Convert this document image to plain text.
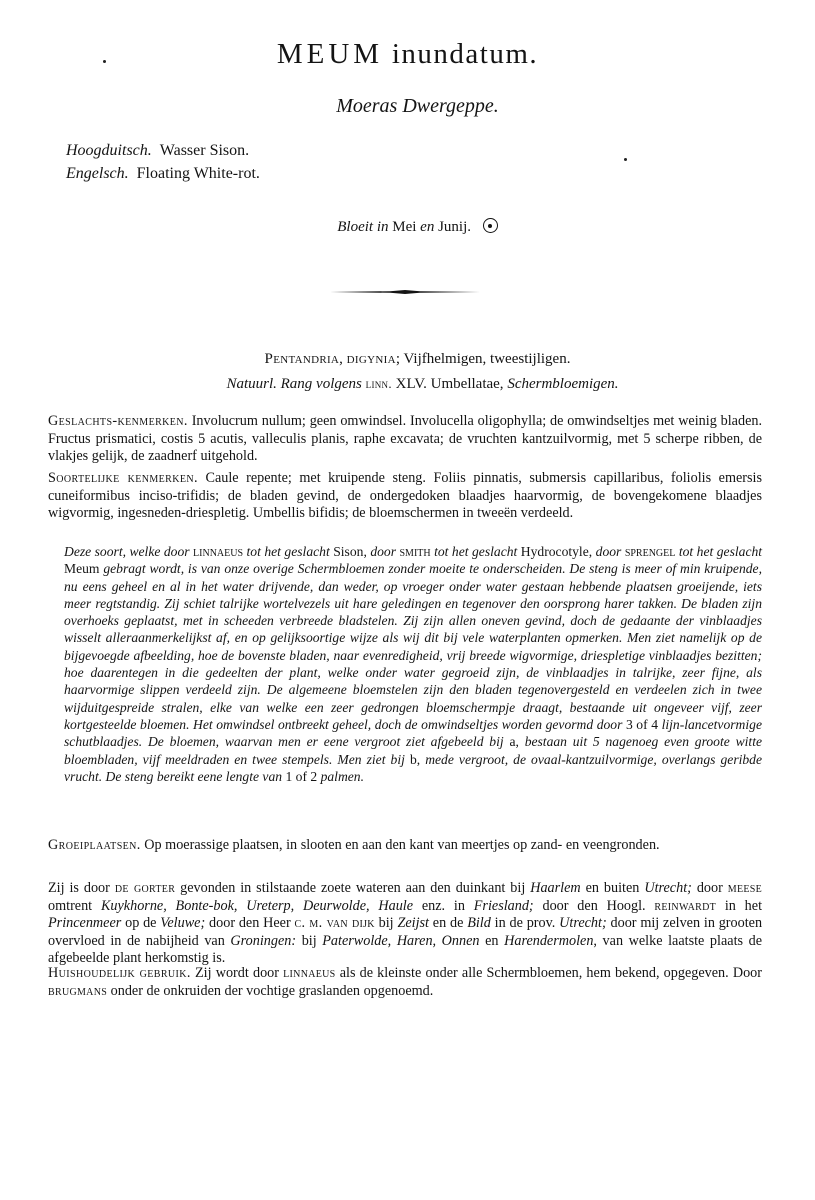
MEUM inundatum.
Moeras Dwergeppe.
Hoogduitsch. Wasser Sison.
Engelsch. Floating White-rot.
Bloeit in Mei en Junij.
Pentandria, digynia; Vijfhelmigen, tweestijligen.
Natuurl. Rang volgens linn. XLV. Umbellatae, Schermbloemigen.
Geslachts-kenmerken. Involucrum nullum; geen omwindsel. Involucella oligophylla; de omwindseltjes met weinig bladen. Fructus prismatici, costis 5 acutis, valleculis planis, raphe excavata; de vruchten kantzuilvormig, met 5 scherpe ribben, de vlakjes gelijk, de zaadnerf uitgehold.
Soortelijke kenmerken. Caule repente; met kruipende steng. Foliis pinnatis, submersis capillaribus, foliolis emersis cuneiformibus inciso-trifidis; de bladen gevind, de ondergedoken blaadjes haarvormig, de bovengekomene blaadjes wigvormig, ingesneden-driespletig. Umbellis bifidis; de bloemschermen in tweeën verdeeld.
Deze soort, welke door linnaeus tot het geslacht Sison, door smith tot het geslacht Hydrocotyle, door sprengel tot het geslacht Meum gebragt wordt, is van onze overige Schermbloemen zonder moeite te onderscheiden. De steng is meer of min kruipende, nu eens geheel en al in het water drijvende, dan weder, op vroeger onder water gestaan hebbende plaatsen groeijende, iets meer regtstandig. Zij schiet talrijke wortelvezels uit hare geledingen en tegenover den oorsprong harer takken. De bladen zijn overhoeks geplaatst, met in scheeden verbreede bladstelen. Zij zijn allen oneven gevind, doch de gedaante der vinblaadjes wisselt alleraanmerkelijkst af, en op gelijksoortige wijze als wij dit bij vele waterplanten opmerken. Men ziet namelijk op de bijgevoegde afbeelding, hoe de bovenste bladen, naar evenredigheid, vrij breede wigvormige, driespletige vinblaadjes bezitten; hoe daarentegen in die gedeelten der plant, welke onder water gegroeid zijn, de vinblaadjes in talrijke, zeer fijne, als haarvormige slippen verdeeld zijn. De algemeene bloemstelen zijn den bladen tegenovergesteld en verdeelen zich in twee wijduitgespreide stralen, elke van welke een zeer gedrongen bloemschermpje draagt, bestaande uit ongeveer vijf, zeer kortgesteelde bloemen. Het omwindsel ontbreekt geheel, doch de omwindseltjes worden gevormd door 3 of 4 lijn-lancetvormige schutblaadjes. De bloemen, waarvan men er eene vergroot ziet afgebeeld bij a, bestaan uit 5 nagenoeg even groote witte bloembladen, vijf meeldraden en twee stempels. Men ziet bij b, mede vergroot, de ovaal-kantzuilvormige, overlangs geribde vrucht. De steng bereikt eene lengte van 1 of 2 palmen.
Groeiplaatsen. Op moerassige plaatsen, in slooten en aan den kant van meertjes op zand- en veengronden.
Zij is door de gorter gevonden in stilstaande zoete wateren aan den duinkant bij Haarlem en buiten Utrecht; door meese omtrent Kuykhorne, Bonte-bok, Ureterp, Deurwolde, Haule enz. in Friesland; door den Hoogl. reinwardt in het Princenmeer op de Veluwe; door den Heer c. m. van dijk bij Zeijst en de Bild in de prov. Utrecht; door mij zelven in grooten overvloed in de nabijheid van Groningen: bij Paterwolde, Haren, Onnen en Harendermolen, van welke laatste plaats de afgebeelde plant herkomstig is.
Huishoudelijk gebruik. Zij wordt door linnaeus als de kleinste onder alle Schermbloemen, hem bekend, opgegeven. Door brugmans onder de onkruiden der vochtige graslanden opgenoemd.
